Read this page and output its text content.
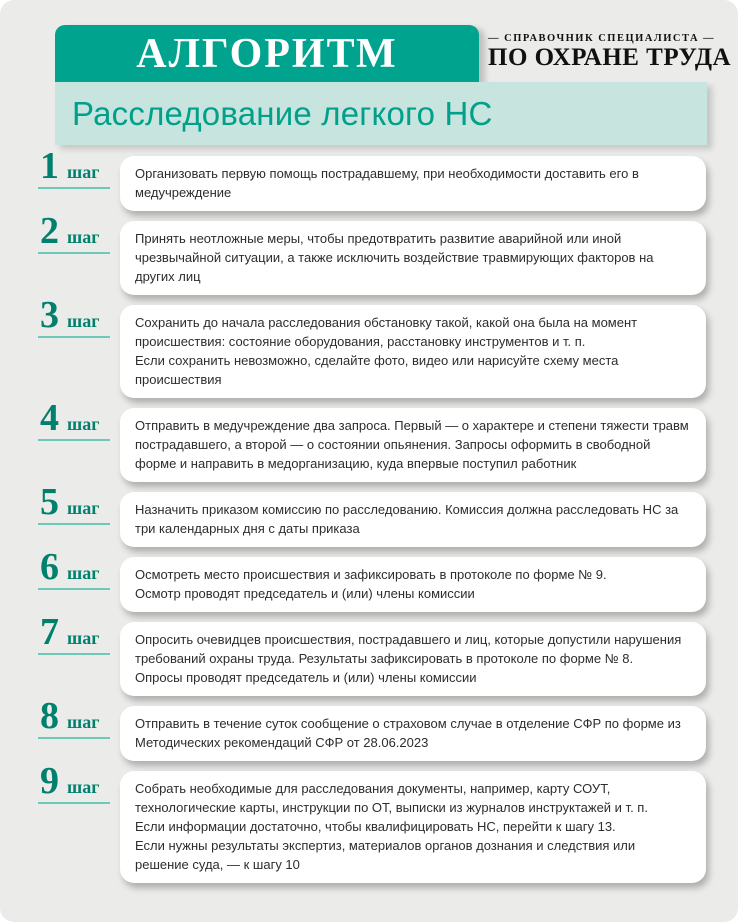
АЛГОРИТМ	— СПРАВОЧНИК СПЕЦИАЛИСТА —
ПО ОХРАНЕ ТРУДА
Расследование легкого НС
1 шаг	Организовать первую помощь пострадавшему, при необходимости доставить его в медучреждение

2 шаг	Принять неотложные меры, чтобы предотвратить развитие аварийной или иной чрезвычайной ситуации, а также исключить воздействие травмирующих факторов на других лиц

3 шаг	Сохранить до начала расследования обстановку такой, какой она была на момент происшествия: состояние оборудования, расстановку инструментов и т. п.

Если сохранить невозможно, сделайте фото, видео или нарисуйте схему места происшествия

4 шаг	Отправить в медучреждение два запроса. Первый — о характере и степени тяжести травм пострадавшего, а второй — о состоянии опьянения. Запросы оформить в свободной форме и направить в медорганизацию, куда впервые поступил работник

5 шаг	Назначить приказом комиссию по расследованию. Комиссия должна расследовать НС за три календарных дня с даты приказа

6 шаг	Осмотреть место происшествия и зафиксировать в протоколе по форме № 9.

Осмотр проводят председатель и (или) члены комиссии

7 шаг	Опросить очевидцев происшествия, пострадавшего и лиц, которые допустили нарушения требований охраны труда. Результаты зафиксировать в протоколе по форме № 8.

Опросы проводят председатель и (или) члены комиссии

8 шаг	Отправить в течение суток сообщение о страховом случае в отделение СФР по форме из Методических рекомендаций СФР от 28.06.2023

9 шаг	Собрать необходимые для расследования документы, например, карту СОУТ, технологические карты, инструкции по ОТ, выписки из журналов инструктажей и т. п.

Если информации достаточно, чтобы квалифицировать НС, перейти к шагу 13.

Если нужны результаты экспертиз, материалов органов дознания и следствия или решение суда, — к шагу 10
